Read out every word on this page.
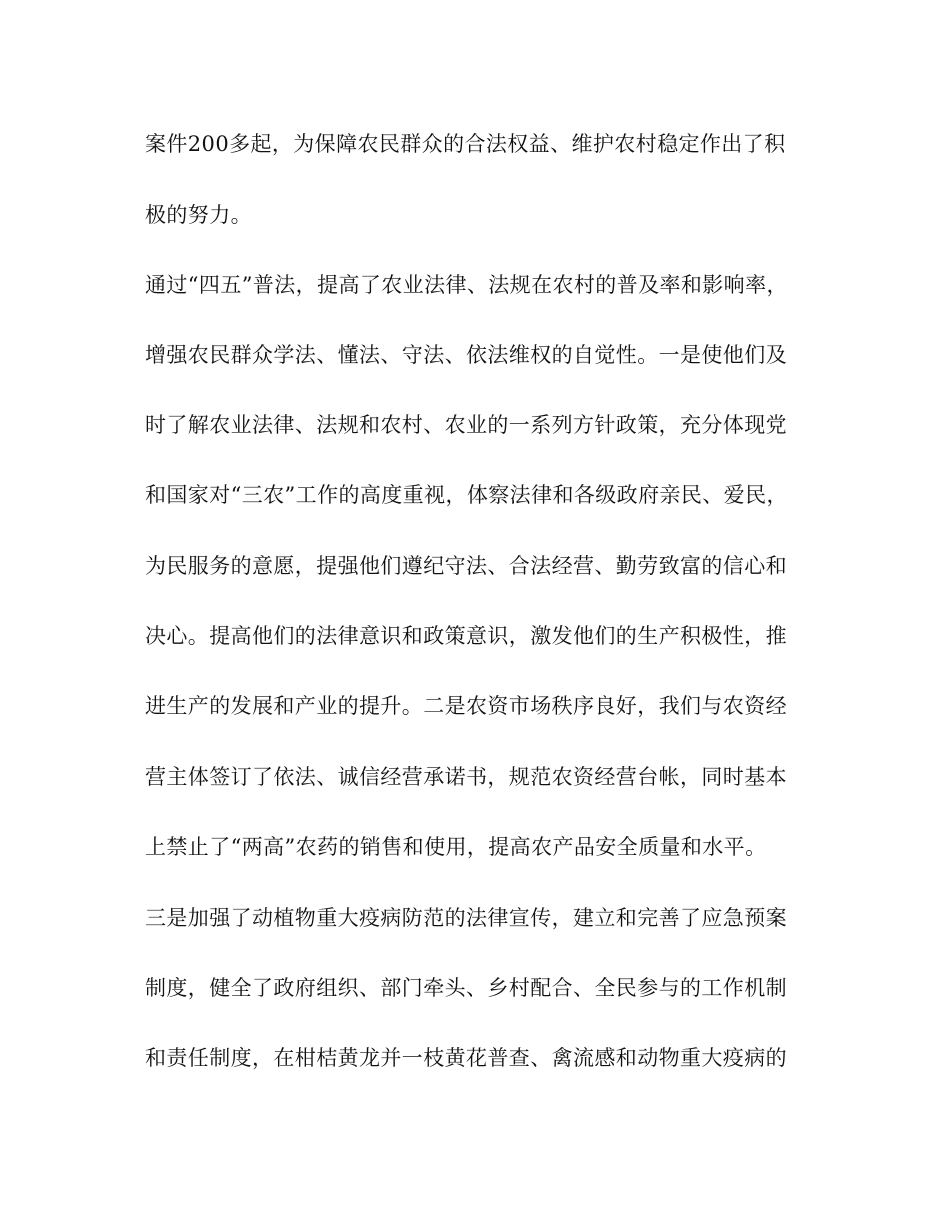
案件200多起，为保障农民群众的合法权益、维护农村稳定作出了积
极的努力。
通过“四五”普法，提高了农业法律、法规在农村的普及率和影响率，
增强农民群众学法、懂法、守法、依法维权的自觉性。一是使他们及
时了解农业法律、法规和农村、农业的一系列方针政策，充分体现党
和国家对“三农”工作的高度重视，体察法律和各级政府亲民、爱民，
为民服务的意愿，提强他们遵纪守法、合法经营、勤劳致富的信心和
决心。提高他们的法律意识和政策意识，激发他们的生产积极性，推
进生产的发展和产业的提升。二是农资市场秩序良好，我们与农资经
营主体签订了依法、诚信经营承诺书，规范农资经营台帐，同时基本
上禁止了“两高”农药的销售和使用，提高农产品安全质量和水平。
三是加强了动植物重大疫病防范的法律宣传，建立和完善了应急预案
制度，健全了政府组织、部门牵头、乡村配合、全民参与的工作机制
和责任制度，在柑桔黄龙并一枝黄花普查、禽流感和动物重大疫病的
